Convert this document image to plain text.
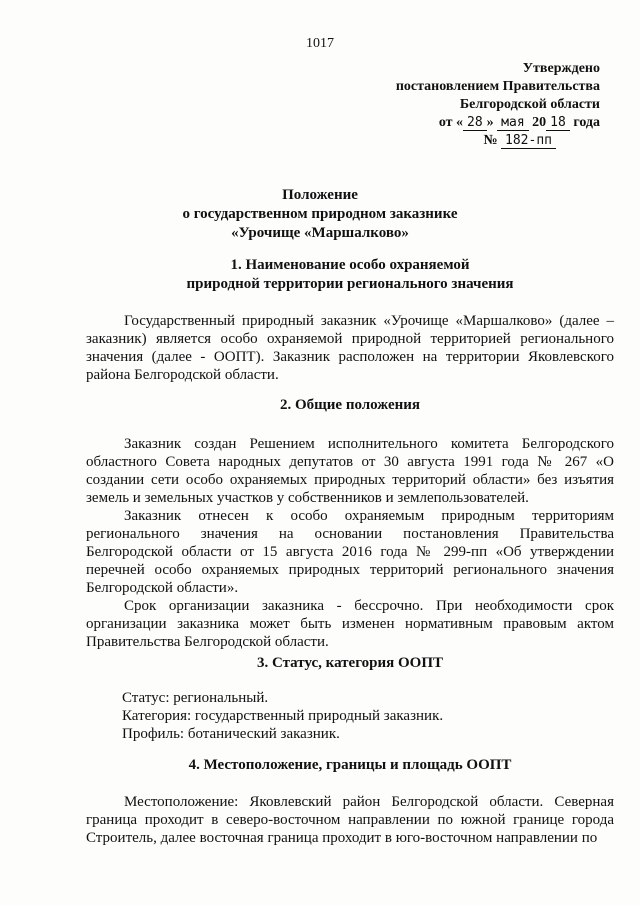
1017
Утверждено
постановлением Правительства
Белгородской области
от « 28 » мая 20 18 года
№ 182-пп
Положение
о государственном природном заказнике
«Урочище «Маршалково»
1. Наименование особо охраняемой
природной территории регионального значения

Государственный природный заказник «Урочище «Маршалково» (далее – заказник) является особо охраняемой природной территорией регионального значения (далее - ООПТ). Заказник расположен на территории Яковлевского района Белгородской области.

2. Общие положения

Заказник создан Решением исполнительного комитета Белгородского областного Совета народных депутатов от 30 августа 1991 года № 267 «О создании сети особо охраняемых природных территорий области» без изъятия земель и земельных участков у собственников и землепользователей.

Заказник отнесен к особо охраняемым природным территориям регионального значения на основании постановления Правительства Белгородской области от 15 августа 2016 года № 299-пп «Об утверждении перечней особо охраняемых природных территорий регионального значения Белгородской области».

Срок организации заказника - бессрочно. При необходимости срок организации заказника может быть изменен нормативным правовым актом Правительства Белгородской области.

3. Статус, категория ООПТ

Статус: региональный.

Категория: государственный природный заказник.

Профиль: ботанический заказник.

4. Местоположение, границы и площадь ООПТ

Местоположение: Яковлевский район Белгородской области. Северная граница проходит в северо-восточном направлении по южной границе города Строитель, далее восточная граница проходит в юго-восточном направлении по
